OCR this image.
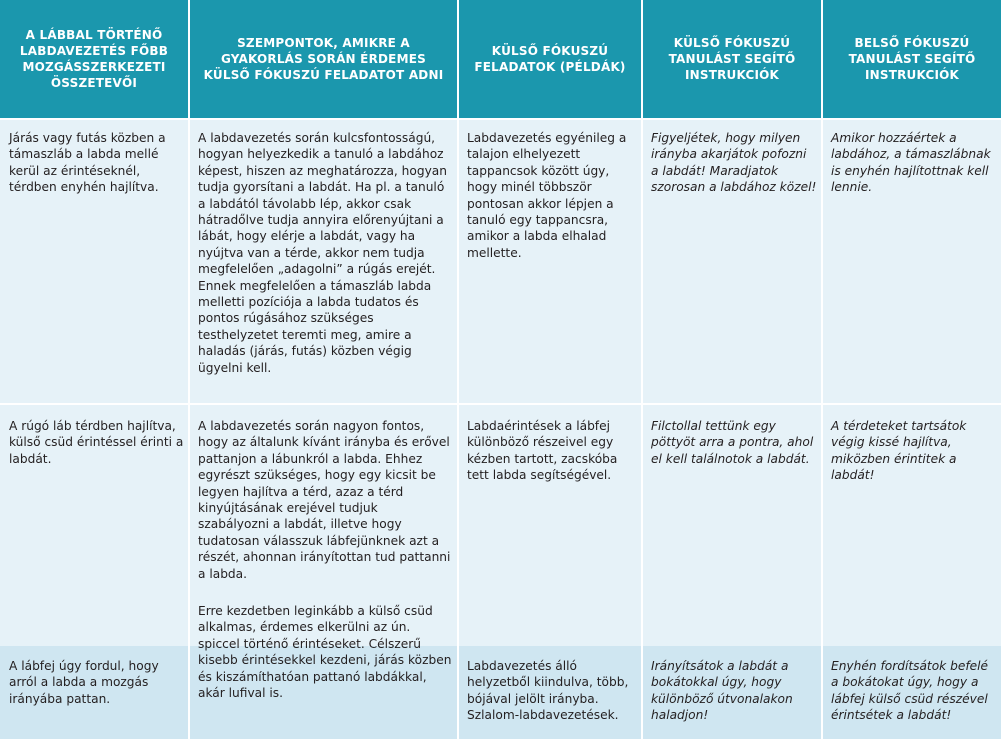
A LÁBBAL TÖRTÉNŐ LABDAVEZETÉS FŐBB MOZGÁSSZERKEZETI ÖSSZETEVŐI
SZEMPONTOK, AMIKRE A GYAKORLÁS SORÁN ÉRDEMES KÜLSŐ FÓKUSZÚ FELADATOT ADNI
KÜLSŐ FÓKUSZÚ FELADATOK (PÉLDÁK)
KÜLSŐ FÓKUSZÚ TANULÁST SEGÍTŐ INSTRUKCIÓK
BELSŐ FÓKUSZÚ TANULÁST SEGÍTŐ INSTRUKCIÓK
Járás vagy futás közben a támaszláb a labda mellé kerül az érintéseknél, térdben enyhén hajlítva.
Labdavezetés egyénileg a talajon elhelyezett tappancsok között úgy, hogy minél többször pontosan akkor lépjen a tanuló egy tappancsra, amikor a labda elhalad mellette.
Figyeljétek, hogy milyen irányba akarjátok pofozni a labdát! Maradjatok szorosan a labdához közel!
Amikor hozzáértek a labdához, a támaszlábnak is enyhén hajlítottnak kell lennie.
A rúgó láb térdben hajlítva, külső csüd érintéssel érinti a labdát.
Labdaérintések a lábfej különböző részeivel egy kézben tartott, zacskóba tett labda segítségével.
Filctollal tettünk egy pöttyöt arra a pontra, ahol el kell találnotok a labdát.
A térdeteket tartsátok végig kissé hajlítva, miközben érintitek a labdát!
A lábfej úgy fordul, hogy arról a labda a mozgás irányába pattan.
Labdavezetés álló helyzetből kiindulva, több, bójával jelölt irányba. Szlalom-labdavezetések.
Irányítsátok a labdát a bokátokkal úgy, hogy különböző útvonalakon haladjon!
Enyhén fordítsátok befelé a bokátokat úgy, hogy a lábfej külső csüd részével érintsétek a labdát!
A labdavezetés során kulcsfontosságú, hogyan helyezkedik a tanuló a labdához képest, hiszen az meghatározza, hogyan tudja gyorsítani a labdát. Ha pl. a tanuló a labdától távolabb lép, akkor csak hátradőlve tudja annyira előrenyújtani a lábát, hogy elérje a labdát, vagy ha nyújtva van a térde, akkor nem tudja megfelelően „adagolni” a rúgás erejét. Ennek megfelelően a támaszláb labda melletti pozíciója a labda tudatos és pontos rúgásához szükséges testhelyzetet teremti meg, amire a haladás (járás, futás) közben végig ügyelni kell.
A labdavezetés során nagyon fontos, hogy az általunk kívánt irányba és erővel pattanjon a lábunkról a labda. Ehhez egyrészt szükséges, hogy egy kicsit be legyen hajlítva a térd, azaz a térd kinyújtásának erejével tudjuk szabályozni a labdát, illetve hogy tudatosan válasszuk lábfejünknek azt a részét, ahonnan irányítottan tud pattanni a labda.
Erre kezdetben leginkább a külső csüd alkalmas, érdemes elkerülni az ún. spiccel történő érintéseket. Célszerű kisebb érintésekkel kezdeni, járás közben és kiszámíthatóan pattanó labdákkal, akár lufival is.
